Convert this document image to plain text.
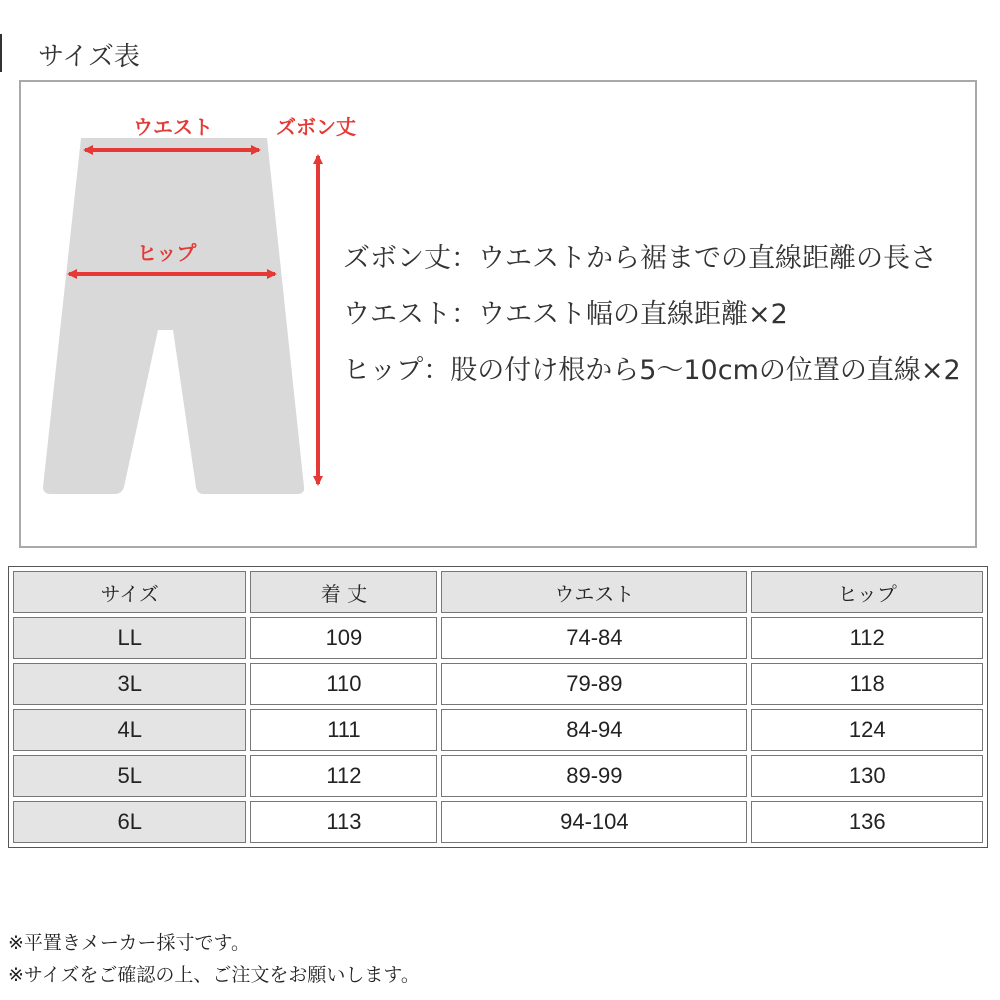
サイズ表
ウエスト
ヒップ
ズボン丈
ズボン丈：ウエストから裾までの直線距離の長さ
ウエスト：ウエスト幅の直線距離×2
ヒップ：股の付け根から5～10cmの位置の直線×2
サイズ	着 丈	ウエスト	ヒップ
LL	109	74-84	112
3L	110	79-89	118
4L	111	84-94	124
5L	112	89-99	130
6L	113	94-104	136
※平置きメーカー採寸です。
※サイズをご確認の上、ご注文をお願いします。
